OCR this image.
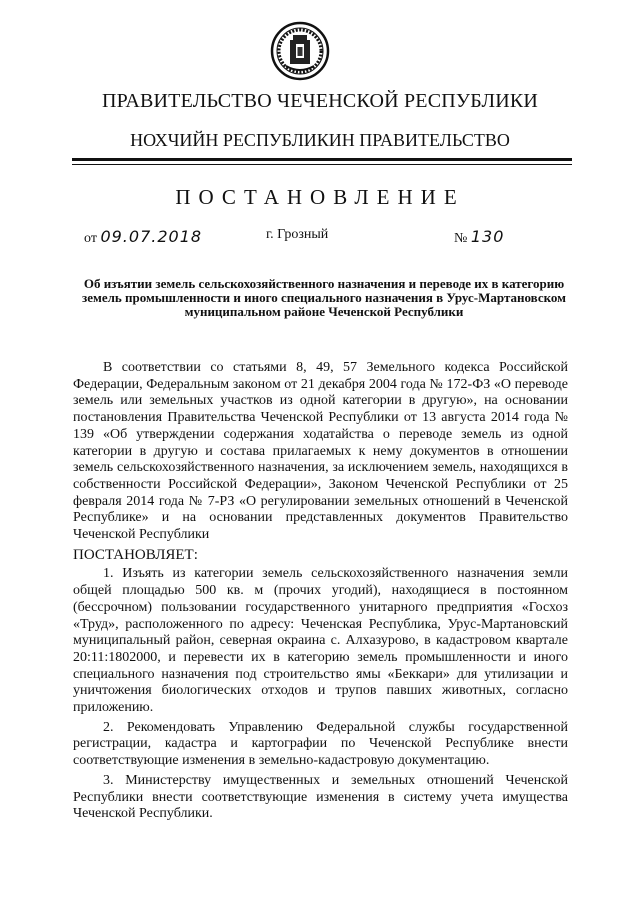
ПРАВИТЕЛЬСТВО ЧЕЧЕНСКОЙ РЕСПУБЛИКИ
НОХЧИЙН РЕСПУБЛИКИН ПРАВИТЕЛЬСТВО
ПОСТАНОВЛЕНИЕ
от 09.07.2018	г. Грозный	№ 130
Об изъятии земель сельскохозяйственного назначения и переводе их в категорию земель промышленности и иного специального назначения в Урус-Мартановском муниципальном районе Чеченской Республики

В соответствии со статьями 8, 49, 57 Земельного кодекса Российской Федерации, Федеральным законом от 21 декабря 2004 года № 172-ФЗ «О переводе земель или земельных участков из одной категории в другую», на основании постановления Правительства Чеченской Республики от 13 августа 2014 года № 139 «Об утверждении содержания ходатайства о переводе земель из одной категории в другую и состава прилагаемых к нему документов в отношении земель сельскохозяйственного назначения, за исключением земель, находящихся в собственности Российской Федерации», Законом Чеченской Республики от 25 февраля 2014 года № 7-РЗ «О регулировании земельных отношений в Чеченской Республике» и на основании представленных документов Правительство Чеченской Республики

ПОСТАНОВЛЯЕТ:

1. Изъять из категории земель сельскохозяйственного назначения земли общей площадью 500 кв. м (прочих угодий), находящиеся в постоянном (бессрочном) пользовании государственного унитарного предприятия «Госхоз «Труд», расположенного по адресу: Чеченская Республика, Урус-Мартановский муниципальный район, северная окраина с. Алхазурово, в кадастровом квартале 20:11:1802000, и перевести их в категорию земель промышленности и иного специального назначения под строительство ямы «Беккари» для утилизации и уничтожения биологических отходов и трупов павших животных, согласно приложению.

2. Рекомендовать Управлению Федеральной службы государственной регистрации, кадастра и картографии по Чеченской Республике внести соответствующие изменения в земельно-кадастровую документацию.

3. Министерству имущественных и земельных отношений Чеченской Республики внести соответствующие изменения в систему учета имущества Чеченской Республики.
